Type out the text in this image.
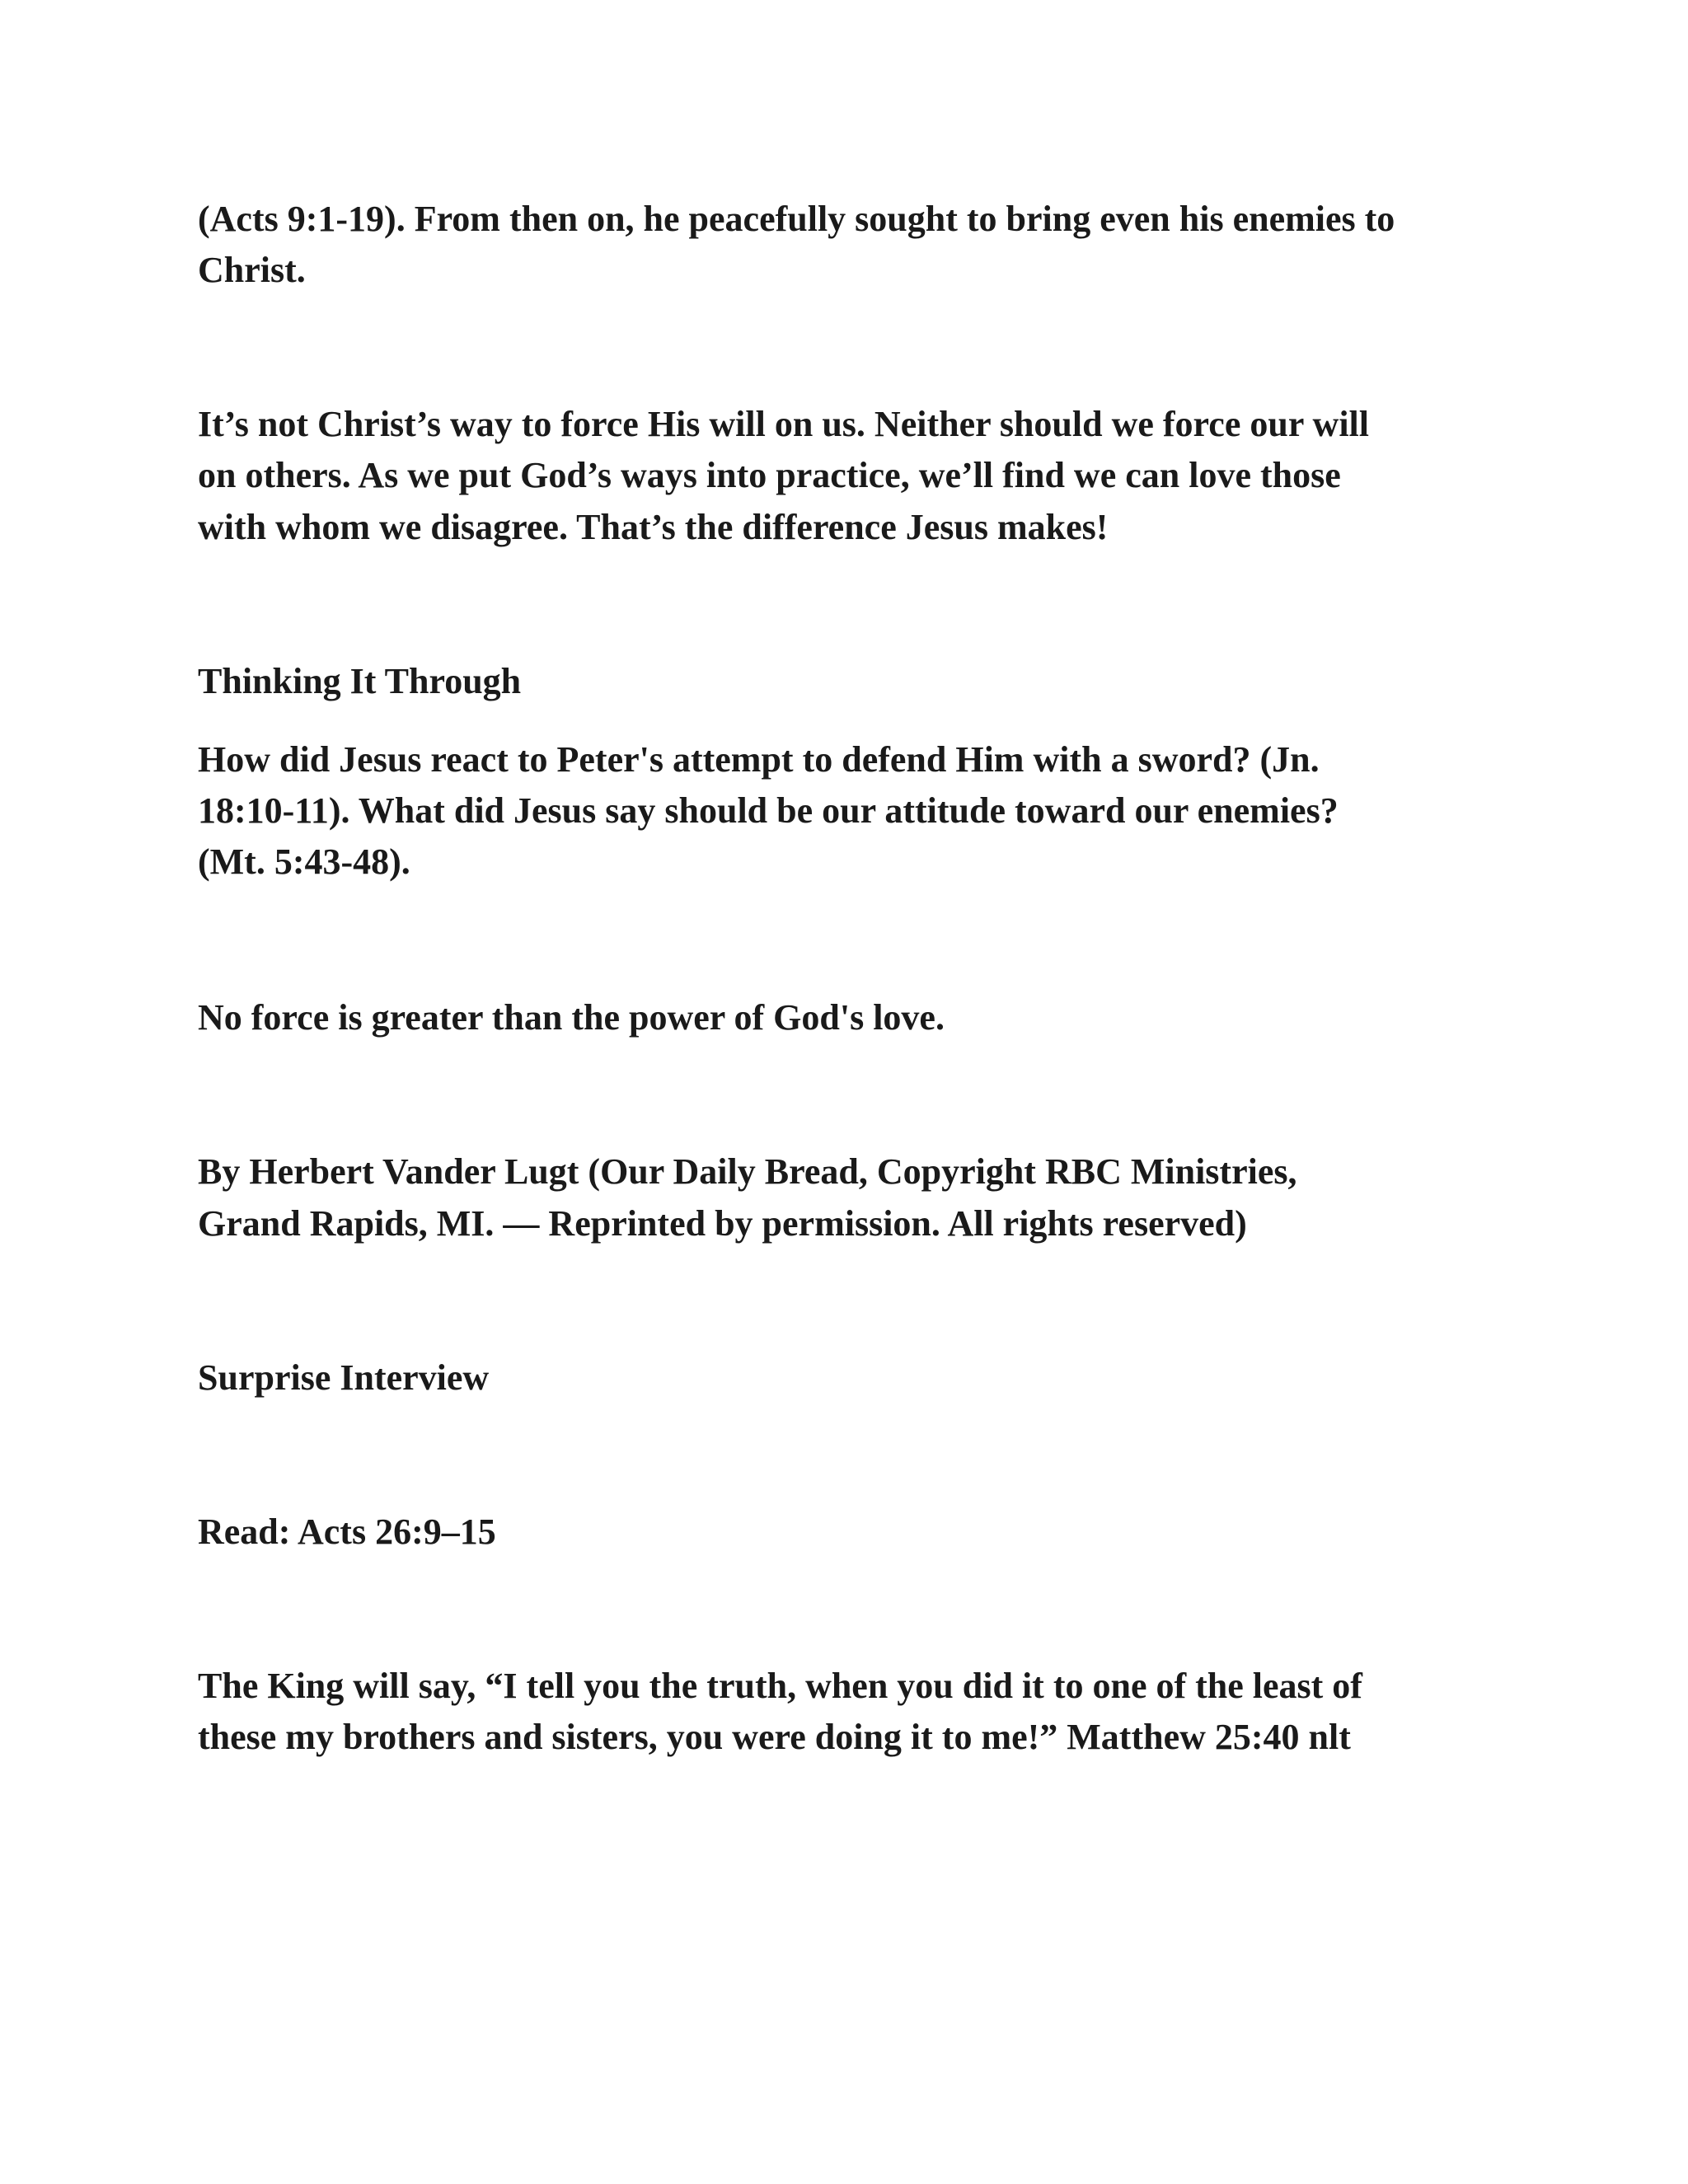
(Acts 9:1-19). From then on, he peacefully sought to bring even his enemies to

Christ.

It’s not Christ’s way to force His will on us. Neither should we force our will

on others. As we put God’s ways into practice, we’ll find we can love those

with whom we disagree. That’s the difference Jesus makes!

Thinking It Through

How did Jesus react to Peter's attempt to defend Him with a sword? (Jn.

18:10-11). What did Jesus say should be our attitude toward our enemies?

(Mt. 5:43-48).

No force is greater than the power of God's love.

By Herbert Vander Lugt (Our Daily Bread, Copyright RBC Ministries,

Grand Rapids, MI. — Reprinted by permission. All rights reserved)

Surprise Interview

Read: Acts 26:9–15

The King will say, “I tell you the truth, when you did it to one of the least of

these my brothers and sisters, you were doing it to me!” Matthew 25:40 nlt
